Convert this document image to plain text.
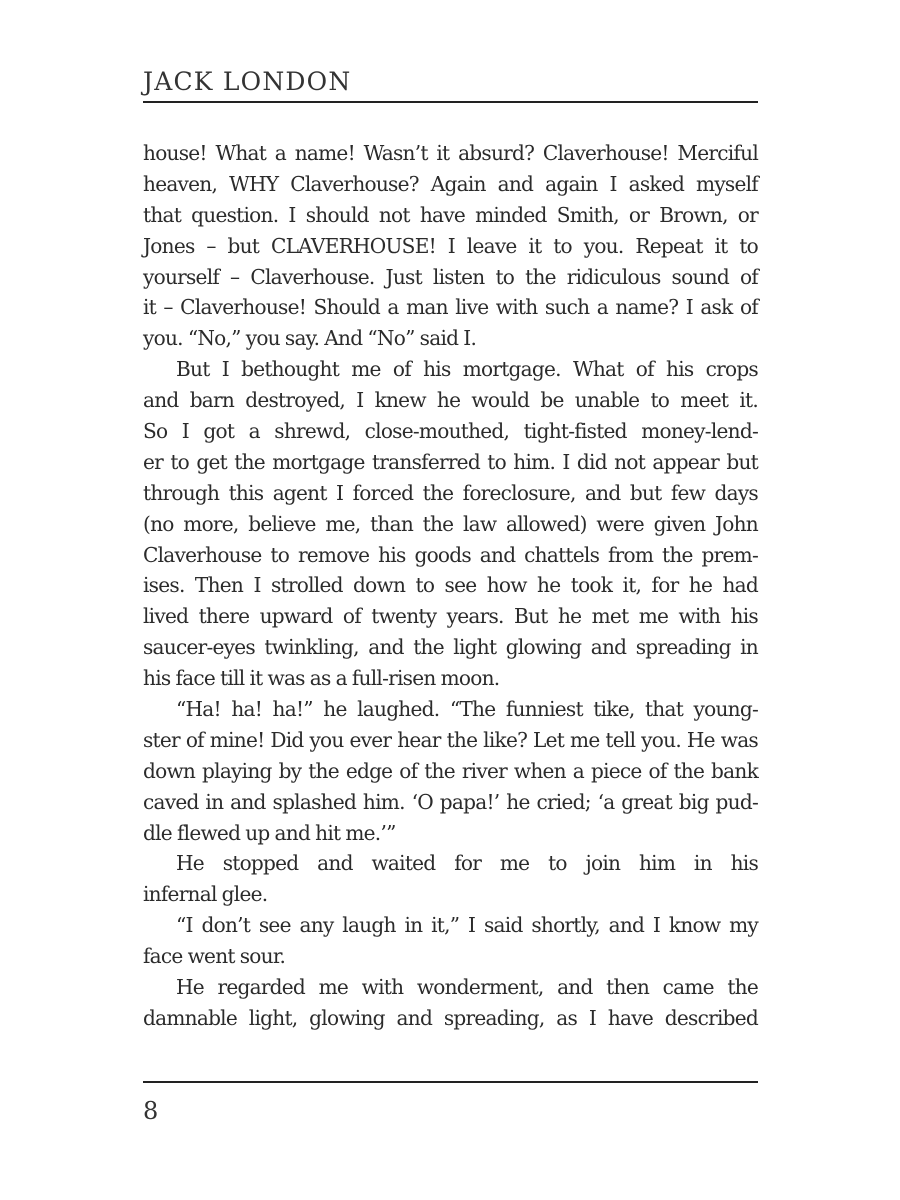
JACK LONDON
house! What a name! Wasn’t it absurd? Claverhouse! Merciful
heaven, WHY Claverhouse? Again and again I asked myself
that question. I should not have minded Smith, or Brown, or
Jones – but CLAVERHOUSE! I leave it to you. Repeat it to
yourself – Claverhouse. Just listen to the ridiculous sound of
it – Claverhouse! Should a man live with such a name? I ask of
you. “No,” you say. And “No” said I.
But I bethought me of his mortgage. What of his crops
and barn destroyed, I knew he would be unable to meet it.
So I got a shrewd, close-mouthed, tight-fisted money-lend-
er to get the mortgage transferred to him. I did not appear but
through this agent I forced the foreclosure, and but few days
(no more, believe me, than the law allowed) were given John
Claverhouse to remove his goods and chattels from the prem-
ises. Then I strolled down to see how he took it, for he had
lived there upward of twenty years. But he met me with his
saucer-eyes twinkling, and the light glowing and spreading in
his face till it was as a full-risen moon.
“Ha! ha! ha!” he laughed. “The funniest tike, that young-
ster of mine! Did you ever hear the like? Let me tell you. He was
down playing by the edge of the river when a piece of the bank
caved in and splashed him. ‘O papa!’ he cried; ‘a great big pud-
dle flewed up and hit me.’”
He stopped and waited for me to join him in his
infernal glee.
“I don’t see any laugh in it,” I said shortly, and I know my
face went sour.
He regarded me with wonderment, and then came the
damnable light, glowing and spreading, as I have described
8
